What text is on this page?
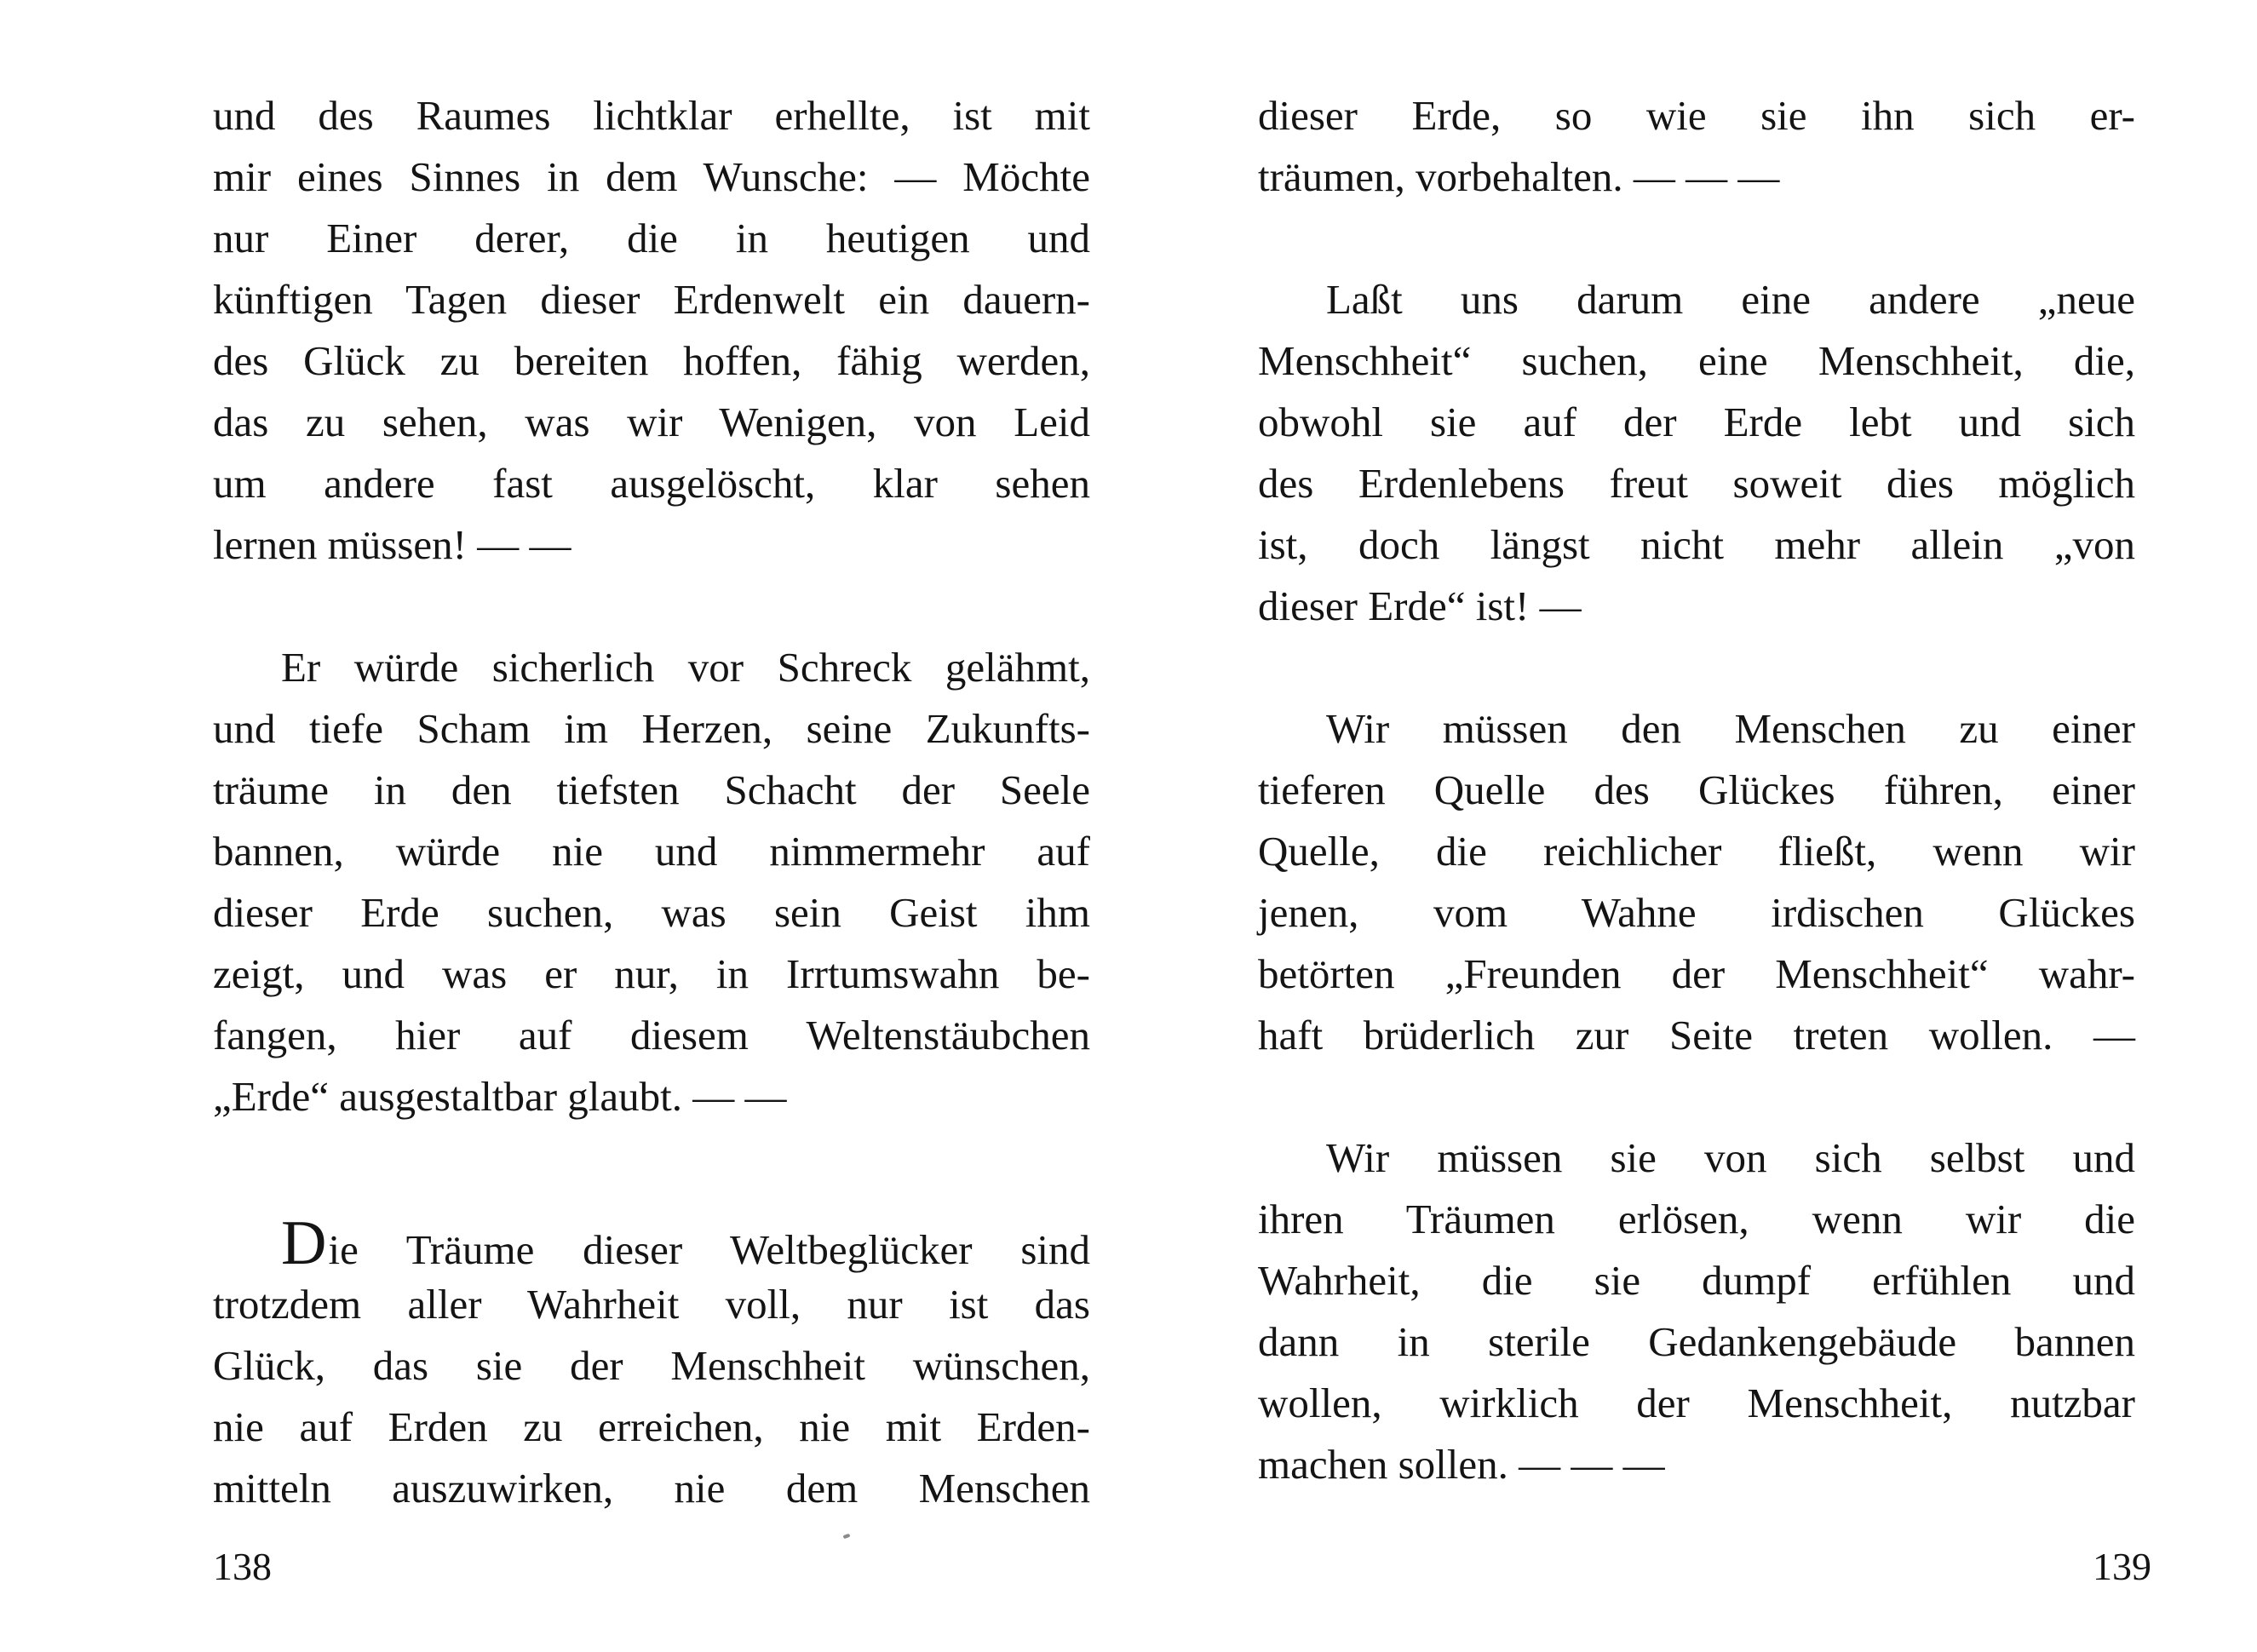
und des Raumes lichtklar erhellte, ist mit
mir eines Sinnes in dem Wunsche: — Möchte
nur Einer derer, die in heutigen und
künftigen Tagen dieser Erdenwelt ein dauern-
des Glück zu bereiten hoffen, fähig werden,
das zu sehen, was wir Wenigen, von Leid
um andere fast ausgelöscht, klar sehen
lernen müssen! — —
Er würde sicherlich vor Schreck gelähmt,
und tiefe Scham im Herzen, seine Zukunfts-
träume in den tiefsten Schacht der Seele
bannen, würde nie und nimmermehr auf
dieser Erde suchen, was sein Geist ihm
zeigt, und was er nur, in Irrtumswahn be-
fangen, hier auf diesem Weltenstäubchen
„Erde“ ausgestaltbar glaubt. — —
Die Träume dieser Weltbeglücker sind
trotzdem aller Wahrheit voll, nur ist das
Glück, das sie der Menschheit wünschen,
nie auf Erden zu erreichen, nie mit Erden-
mitteln auszuwirken, nie dem Menschen
138
dieser Erde, so wie sie ihn sich er-
träumen, vorbehalten. — — —
Laßt uns darum eine andere „neue
Menschheit“ suchen, eine Menschheit, die,
obwohl sie auf der Erde lebt und sich
des Erdenlebens freut soweit dies möglich
ist, doch längst nicht mehr allein „von
dieser Erde“ ist! —
Wir müssen den Menschen zu einer
tieferen Quelle des Glückes führen, einer
Quelle, die reichlicher fließt, wenn wir
jenen, vom Wahne irdischen Glückes
betörten „Freunden der Menschheit“ wahr-
haft brüderlich zur Seite treten wollen. —
Wir müssen sie von sich selbst und
ihren Träumen erlösen, wenn wir die
Wahrheit, die sie dumpf erfühlen und
dann in sterile Gedankengebäude bannen
wollen, wirklich der Menschheit, nutzbar
machen sollen. — — —
139
